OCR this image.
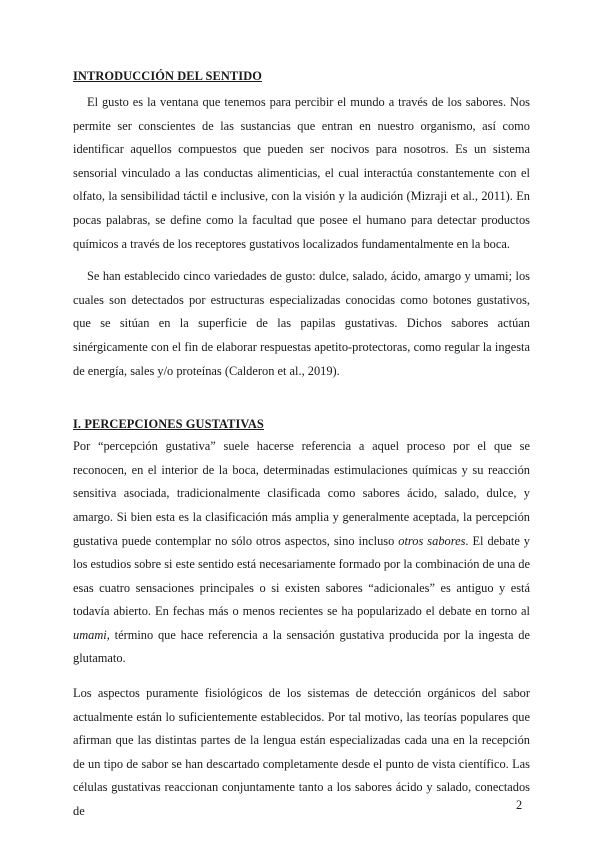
INTRODUCCIÓN DEL SENTIDO

El gusto es la ventana que tenemos para percibir el mundo a través de los sabores. Nos permite ser conscientes de las sustancias que entran en nuestro organismo, así como identificar aquellos compuestos que pueden ser nocivos para nosotros. Es un sistema sensorial vinculado a las conductas alimenticias, el cual interactúa constantemente con el olfato, la sensibilidad táctil e inclusive, con la visión y la audición (Mizraji et al., 2011). En pocas palabras, se define como la facultad que posee el humano para detectar productos químicos a través de los receptores gustativos localizados fundamentalmente en la boca.

Se han establecido cinco variedades de gusto: dulce, salado, ácido, amargo y umami; los cuales son detectados por estructuras especializadas conocidas como botones gustativos, que se sitúan en la superficie de las papilas gustativas. Dichos sabores actúan sinérgicamente con el fin de elaborar respuestas apetito-protectoras, como regular la ingesta de energía, sales y/o proteínas (Calderon et al., 2019).

I. PERCEPCIONES GUSTATIVAS

Por “percepción gustativa” suele hacerse referencia a aquel proceso por el que se reconocen, en el interior de la boca, determinadas estimulaciones químicas y su reacción sensitiva asociada, tradicionalmente clasificada como sabores ácido, salado, dulce, y amargo. Si bien esta es la clasificación más amplia y generalmente aceptada, la percepción gustativa puede contemplar no sólo otros aspectos, sino incluso otros sabores. El debate y los estudios sobre si este sentido está necesariamente formado por la combinación de una de esas cuatro sensaciones principales o si existen sabores “adicionales” es antiguo y está todavía abierto. En fechas más o menos recientes se ha popularizado el debate en torno al umami, término que hace referencia a la sensación gustativa producida por la ingesta de glutamato.

Los aspectos puramente fisiológicos de los sistemas de detección orgánicos del sabor actualmente están lo suficientemente establecidos. Por tal motivo, las teorías populares que afirman que las distintas partes de la lengua están especializadas cada una en la recepción de un tipo de sabor se han descartado completamente desde el punto de vista científico. Las células gustativas reaccionan conjuntamente tanto a los sabores ácido y salado, conectados de	2
